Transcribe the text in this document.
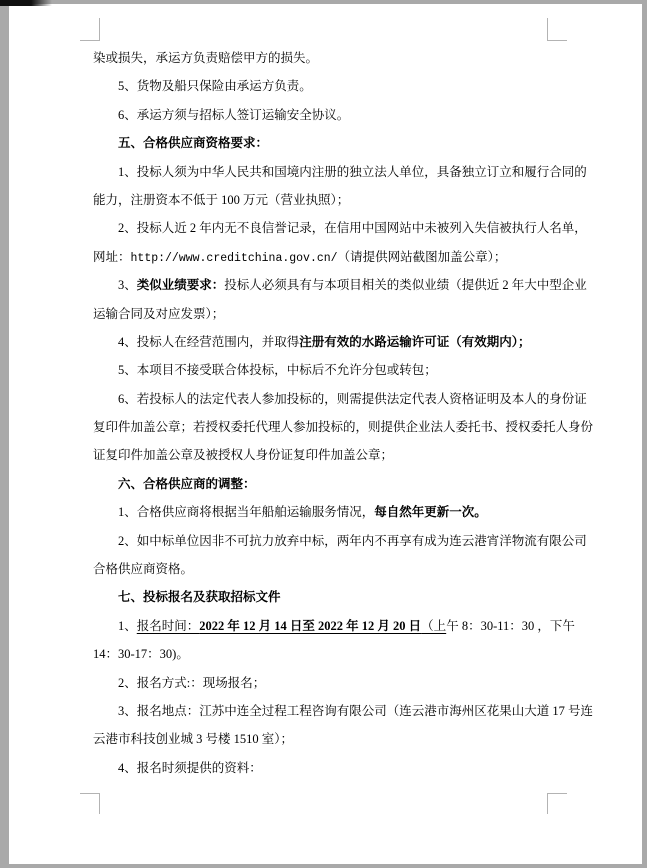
染或损失，承运方负责赔偿甲方的损失。
5、货物及船只保险由承运方负责。
6、承运方须与招标人签订运输安全协议。
五、合格供应商资格要求：
1、投标人须为中华人民共和国境内注册的独立法人单位，具备独立订立和履行合同的
能力，注册资本不低于 100 万元（营业执照）；
2、投标人近 2 年内无不良信誉记录，在信用中国网站中未被列入失信被执行人名单，
网址：http://www.creditchina.gov.cn/（请提供网站截图加盖公章）；
3、类似业绩要求：投标人必须具有与本项目相关的类似业绩（提供近 2 年大中型企业
运输合同及对应发票）；
4、投标人在经营范围内，并取得注册有效的水路运输许可证（有效期内）；
5、本项目不接受联合体投标，中标后不允许分包或转包；
6、若投标人的法定代表人参加投标的，则需提供法定代表人资格证明及本人的身份证
复印件加盖公章；若授权委托代理人参加投标的，则提供企业法人委托书、授权委托人身份
证复印件加盖公章及被授权人身份证复印件加盖公章；
六、合格供应商的调整：
1、合格供应商将根据当年船舶运输服务情况，每自然年更新一次。
2、如中标单位因非不可抗力放弃中标，两年内不再享有成为连云港宵洋物流有限公司
合格供应商资格。
七、投标报名及获取招标文件
1、报名时间：2022 年 12 月 14 日至 2022 年 12 月 20 日（上午 8：30-11：30 ，下午
14：30-17：30)。
2、报名方式:：现场报名；
3、报名地点：江苏中连全过程工程咨询有限公司（连云港市海州区花果山大道 17 号连
云港市科技创业城 3 号楼 1510 室）；
4、报名时须提供的资料：
